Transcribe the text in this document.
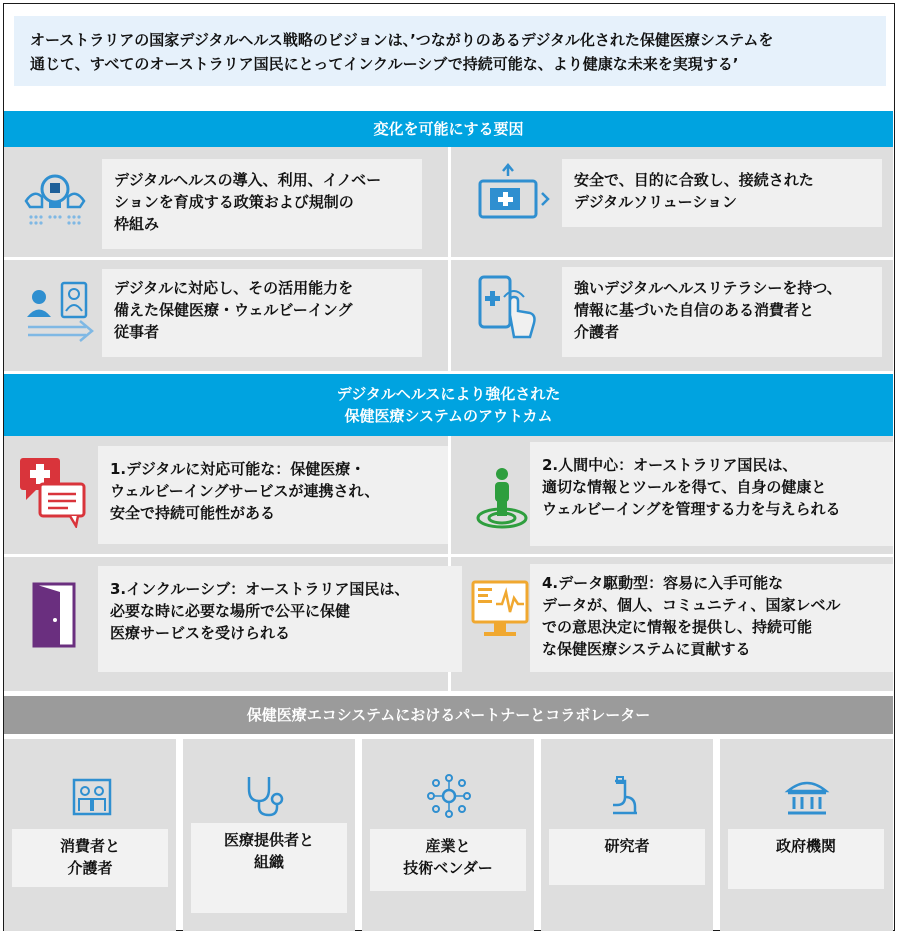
オーストラリアの国家デジタルヘルス戦略のビジョンは、’つながりのあるデジタル化された保健医療システムを
通じて、すべてのオーストラリア国民にとってインクルーシブで持続可能な、より健康な未来を実現する’
変化を可能にする要因
デジタルヘルスの導入、利用、イノベー
ションを育成する政策および規制の
枠組み
安全で、目的に合致し、接続された
デジタルソリューション
デジタルに対応し、その活用能力を
備えた保健医療・ウェルビーイング
従事者
強いデジタルヘルスリテラシーを持つ、
情報に基づいた自信のある消費者と
介護者
デジタルヘルスにより強化された
保健医療システムのアウトカム
1.デジタルに対応可能な：保健医療・
ウェルビーイングサービスが連携され、
安全で持続可能性がある
2.人間中心：オーストラリア国民は、
適切な情報とツールを得て、自身の健康と
ウェルビーイングを管理する力を与えられる
3.インクルーシブ：オーストラリア国民は、
必要な時に必要な場所で公平に保健
医療サービスを受けられる
4.データ駆動型：容易に入手可能な
データが、個人、コミュニティ、国家レベル
での意思決定に情報を提供し、持続可能
な保健医療システムに貢献する
保健医療エコシステムにおけるパートナーとコラボレーター
消費者と
介護者
医療提供者と
組織
産業と
技術ベンダー
研究者	政府機関
